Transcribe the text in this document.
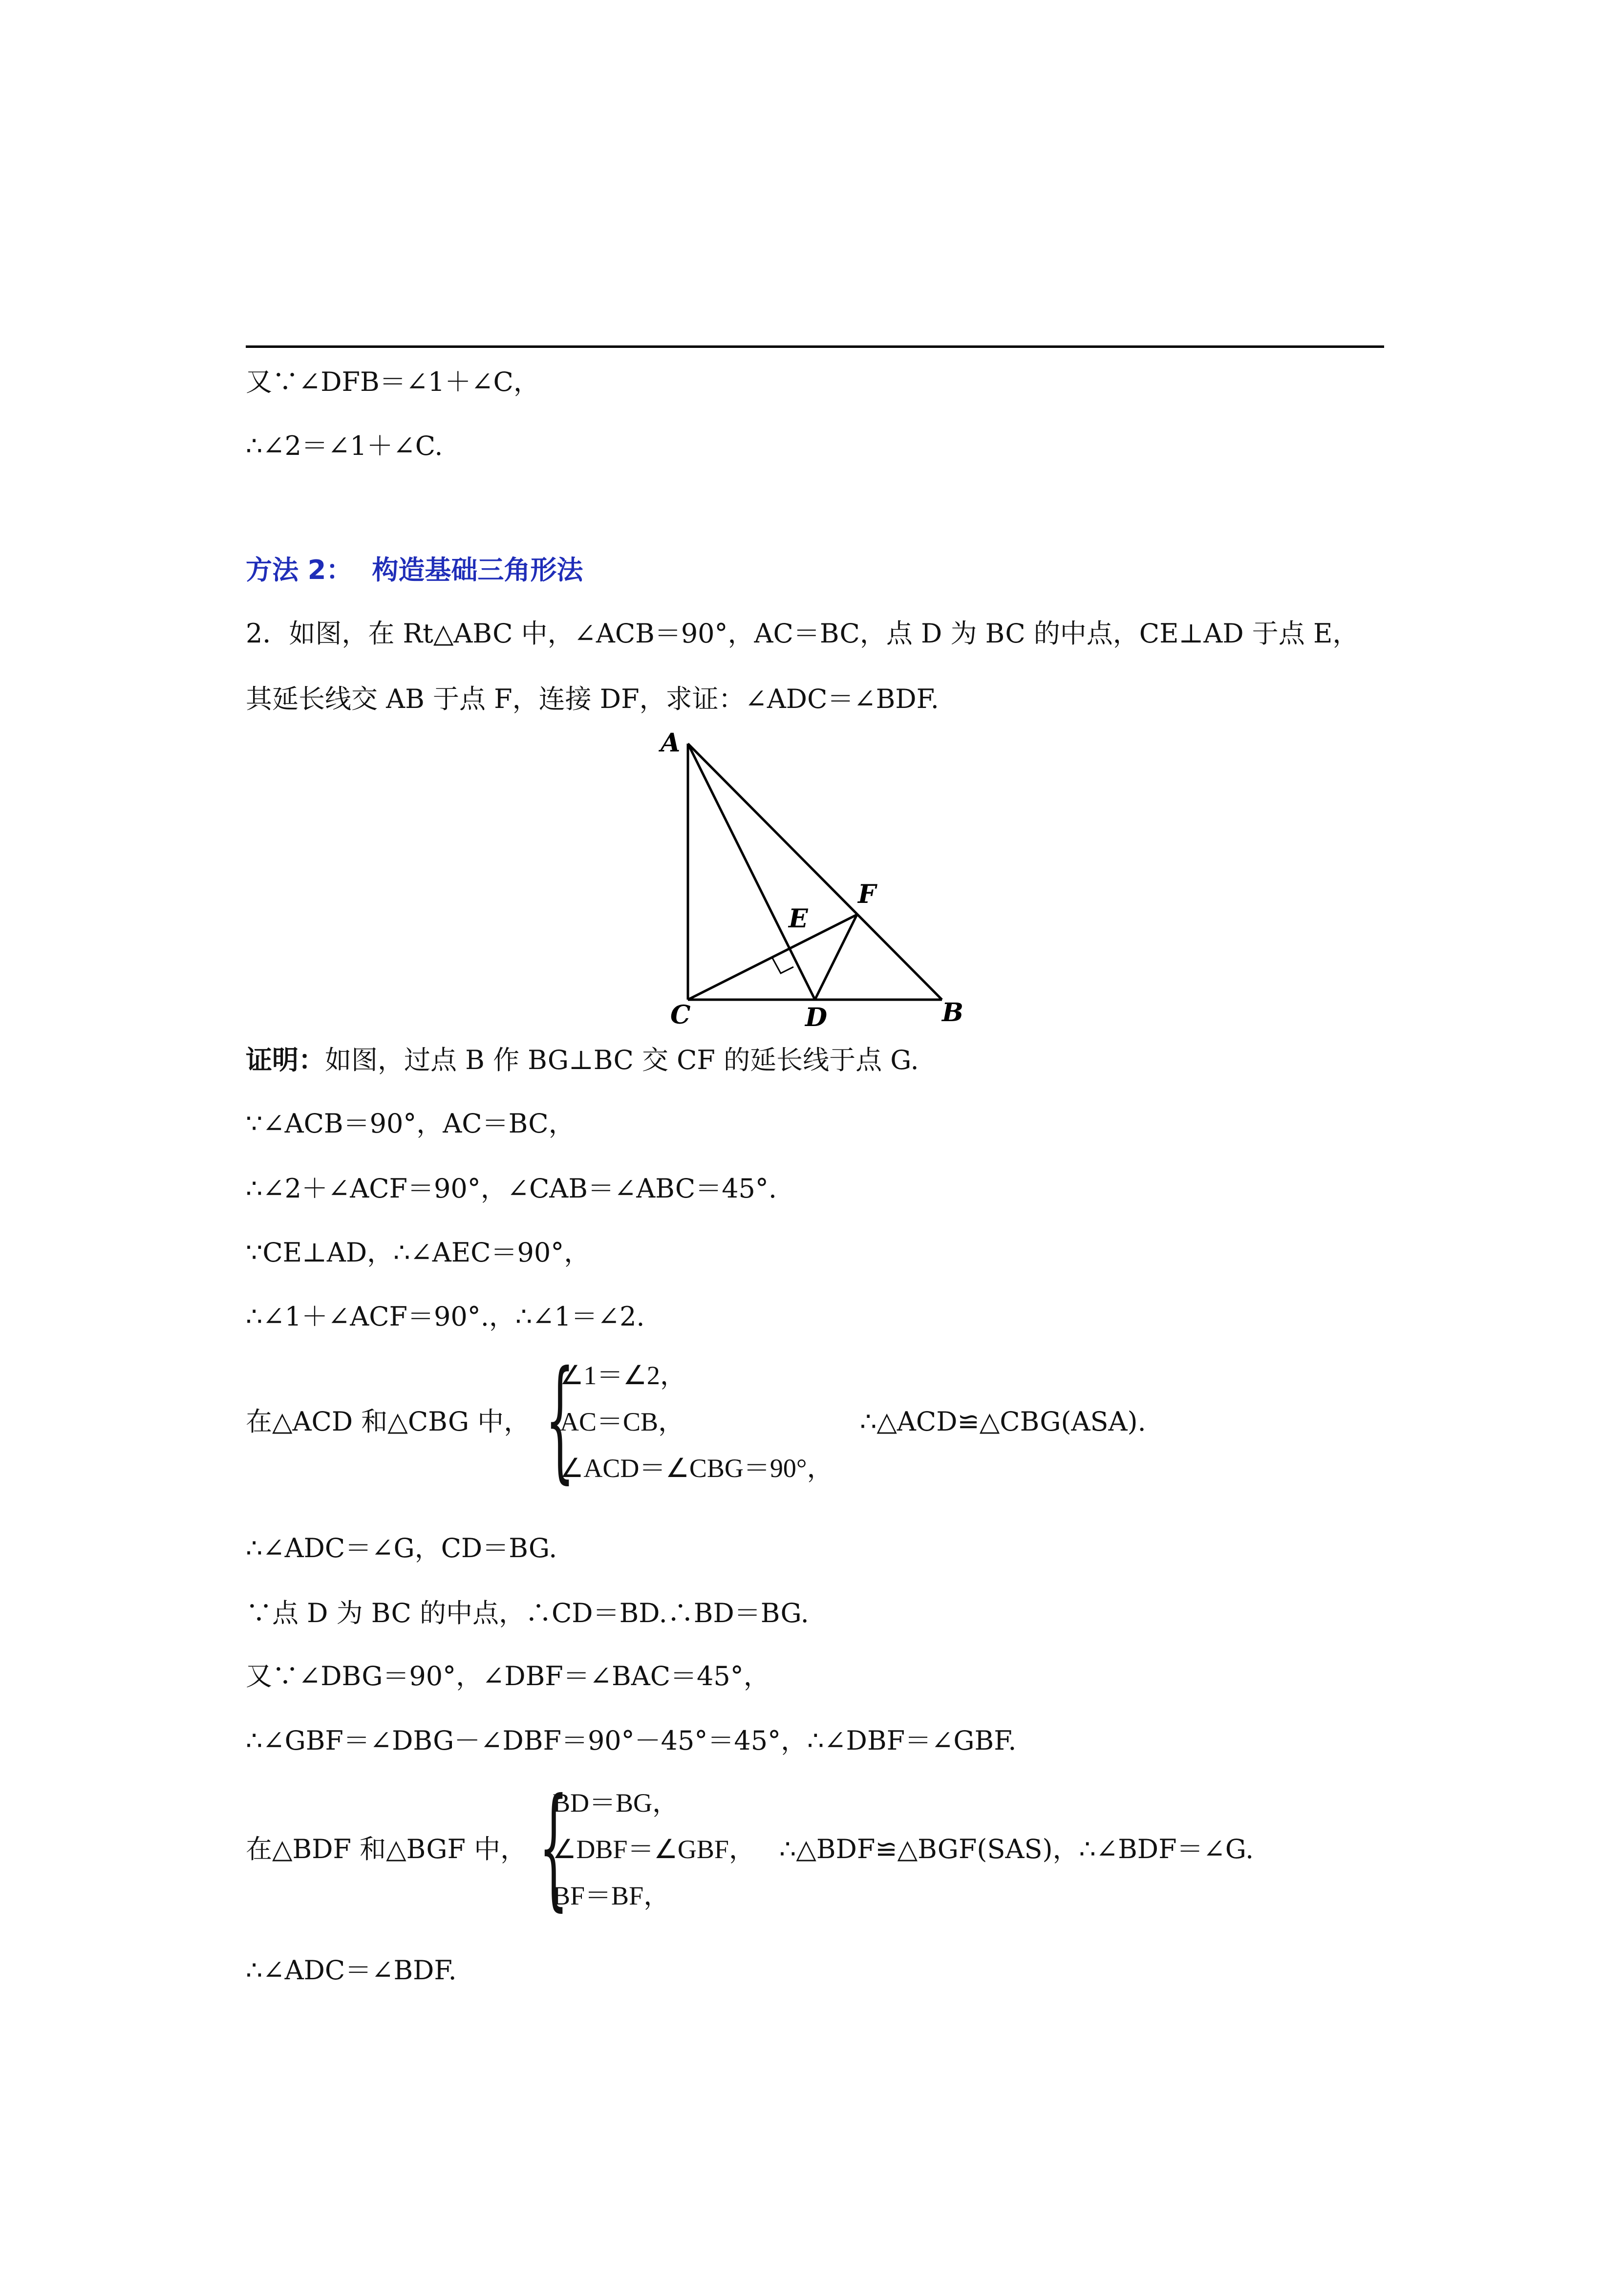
又∵∠DFB＝∠1＋∠C，
∴∠2＝∠1＋∠C.
方法 2： 构造基础三角形法
2．如图，在 Rt△ABC 中，∠ACB＝90°，AC＝BC，点 D 为 BC 的中点，CE⊥AD 于点 E，
其延长线交 AB 于点 F，连接 DF，求证：∠ADC＝∠BDF.
A
C	D	B
E
F
证明：如图，过点 B 作 BG⊥BC 交 CF 的延长线于点 G.
∵∠ACB＝90°，AC＝BC，
∴∠2＋∠ACF＝90°，∠CAB＝∠ABC＝45°.
∵CE⊥AD，∴∠AEC＝90°，
∴∠1＋∠ACF＝90°.，∴∠1＝∠2.
在△ACD 和△CBG 中， {
∠1＝∠2，
AC＝CB，
∠ACD＝∠CBG＝90°，
∴△ACD≌△CBG(ASA).
∴∠ADC＝∠G，CD＝BG.
∵点 D 为 BC 的中点，∴CD＝BD.∴BD＝BG.
又∵∠DBG＝90°，∠DBF＝∠BAC＝45°，
∴∠GBF＝∠DBG－∠DBF＝90°－45°＝45°，∴∠DBF＝∠GBF.
在△BDF 和△BGF 中， {
BD＝BG，
∠DBF＝∠GBF，
BF＝BF，
∴△BDF≌△BGF(SAS)，∴∠BDF＝∠G.
∴∠ADC＝∠BDF.
